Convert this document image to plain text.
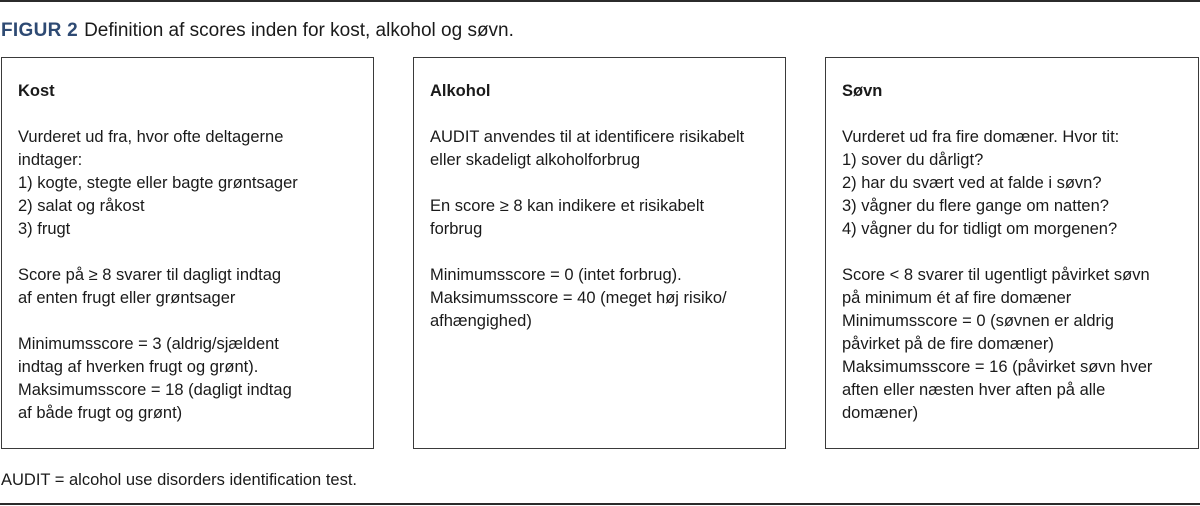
FIGUR 2 Definition af scores inden for kost, alkohol og søvn.
Kost
Vurderet ud fra, hvor ofte deltagerne
indtager:
1) kogte, stegte eller bagte grøntsager
2) salat og råkost
3) frugt
Score på ≥ 8 svarer til dagligt indtag
af enten frugt eller grøntsager
Minimumsscore = 3 (aldrig/sjældent
indtag af hverken frugt og grønt).
Maksimumsscore = 18 (dagligt indtag
af både frugt og grønt)
Alkohol
AUDIT anvendes til at identificere risikabelt
eller skadeligt alkoholforbrug
En score ≥ 8 kan indikere et risikabelt
forbrug
Minimumsscore = 0 (intet forbrug).
Maksimumsscore = 40 (meget høj risiko/
afhængighed)
Søvn
Vurderet ud fra fire domæner. Hvor tit:
1) sover du dårligt?
2) har du svært ved at falde i søvn?
3) vågner du flere gange om natten?
4) vågner du for tidligt om morgenen?
Score < 8 svarer til ugentligt påvirket søvn
på minimum ét af fire domæner
Minimumsscore = 0 (søvnen er aldrig
påvirket på de fire domæner)
Maksimumsscore = 16 (påvirket søvn hver
aften eller næsten hver aften på alle
domæner)
AUDIT = alcohol use disorders identification test.
